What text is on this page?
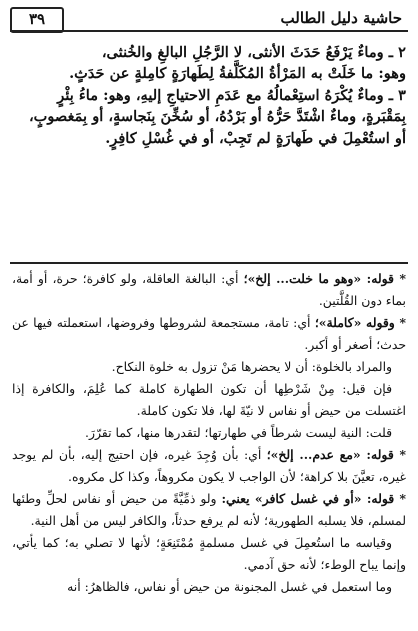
٣٩	حاشية دليل الطالب

٢ ـ وماءٌ يَرْفَعُ حَدَثَ الأنثى، لا الرَّجُلِ البالغِ والخُنثى،

وهو: ما خَلَتْ به المَرْأةُ المُكَلَّفةُ لِطَهارَةٍ كامِلةٍ عن حَدَثٍ.

٣ ـ وماءٌ يُكْرَهُ استِعْمالُهُ مع عَدَمِ الاحتياجِ إليهِ، وهو: ماءُ بِئْرٍ

بِمَقْبَرةٍ، وماءٌ اشْتَدَّ حَرُّهُ أو بَرْدُهُ، أو سُخِّنَ بِنَجاسةٍ، أو بِمَغصوبٍ،

أو استُعْمِلَ في طَهارَةٍ لم تَجِبْ، أو في غُسْلِ كافِرٍ.

* قوله: «وهو ما خلت... إلخ»؛ أي: البالغة العاقلة، ولو كافرة؛ حرة، أو أمة، بماء دون القُلَّتين.

* وقوله «كاملة»؛ أي: تامة، مستجمعة لشروطها وفروضها، استعملته فيها عن حدث؛ أصغر أو أكبر.

والمراد بالخلوة: أن لا يحضرها مَنْ تزول به خلوة النكاح.

فإن قيل: مِنْ شَرْطِها أن تكون الطهارة كاملة كما عُلِمَ، والكافرة إذا اغتسلت من حيض أو نفاس لا نيّةَ لها، فلا تكون كاملة.

قلت: النية ليست شرطاً في طهارتها؛ لتقدرها منها، كما تقرّرَ.

* قوله: «مع عدم... إلخ»؛ أي: بأن وُجِدَ غيره، فإن احتيج إليه، بأن لم يوجد غيره، تعيَّنَ بلا كراهة؛ لأن الواجب لا يكون مكروهاً، وكذا كل مكروه.

* قوله: «أو في غسل كافر» يعني: ولو ذمِّيَّةً من حيض أو نفاس لحلِّ وطئها لمسلم، فلا يسلبه الطهورية؛ لأنه لم يرفع حدثاً، والكافر ليس من أهل النية.

وقياسه ما استُعمِلَ في غسل مسلمةٍ مُمْتَنِعَةٍ؛ لأنها لا تصلي به؛ كما يأتي، وإنما يباح الوطء؛ لأنه حق آدمي.

وما استعمل في غسل المجنونة من حيض أو نفاس، فالظاهرُ: أنه
